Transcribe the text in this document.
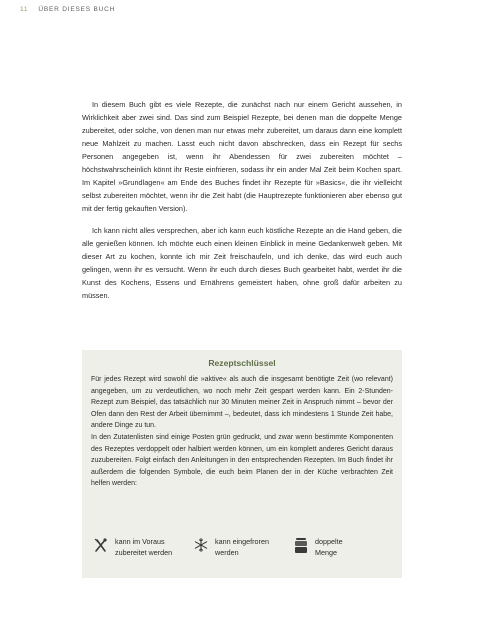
11 ÜBER DIESES BUCH

In diesem Buch gibt es viele Rezepte, die zunächst nach nur einem Gericht aussehen, in Wirklichkeit aber zwei sind. Das sind zum Beispiel Rezepte, bei denen man die doppelte Menge zubereitet, oder solche, von denen man nur etwas mehr zubereitet, um daraus dann eine komplett neue Mahlzeit zu machen. Lasst euch nicht davon abschrecken, dass ein Rezept für sechs Personen angegeben ist, wenn ihr Abendessen für zwei zubereiten möchtet – höchstwahrscheinlich könnt ihr Reste einfrieren, sodass ihr ein ander Mal Zeit beim Kochen spart. Im Kapitel »Grundlagen« am Ende des Buches findet ihr Rezepte für »Basics«, die ihr vielleicht selbst zubereiten möchtet, wenn ihr die Zeit habt (die Hauptrezepte funktionieren aber ebenso gut mit der fertig gekauften Version).

Ich kann nicht alles versprechen, aber ich kann euch köstliche Rezepte an die Hand geben, die alle genießen können. Ich möchte euch einen kleinen Einblick in meine Gedankenwelt geben. Mit dieser Art zu kochen, konnte ich mir Zeit freischaufeln, und ich denke, das wird euch auch gelingen, wenn ihr es versucht. Wenn ihr euch durch dieses Buch gearbeitet habt, werdet ihr die Kunst des Kochens, Essens und Ernährens gemeistert haben, ohne groß dafür arbeiten zu müssen.

Rezeptschlüssel

Für jedes Rezept wird sowohl die »aktive« als auch die insgesamt benötigte Zeit (wo relevant) angegeben, um zu verdeutlichen, wo noch mehr Zeit gespart werden kann. Ein 2-Stunden-Rezept zum Beispiel, das tatsächlich nur 30 Minuten meiner Zeit in Anspruch nimmt – bevor der Ofen dann den Rest der Arbeit übernimmt –, bedeutet, dass ich mindestens 1 Stunde Zeit habe, andere Dinge zu tun.

In den Zutatenlisten sind einige Posten grün gedruckt, und zwar wenn bestimmte Komponenten des Rezeptes verdoppelt oder halbiert werden können, um ein komplett anderes Gericht daraus zuzubereiten. Folgt einfach den Anleitungen in den entsprechenden Rezepten. Im Buch findet ihr außerdem die folgenden Symbole, die euch beim Planen der in der Küche verbrachten Zeit helfen werden:

kann im Voraus
zubereitet werden
kann eingefroren
werden
doppelte
Menge
